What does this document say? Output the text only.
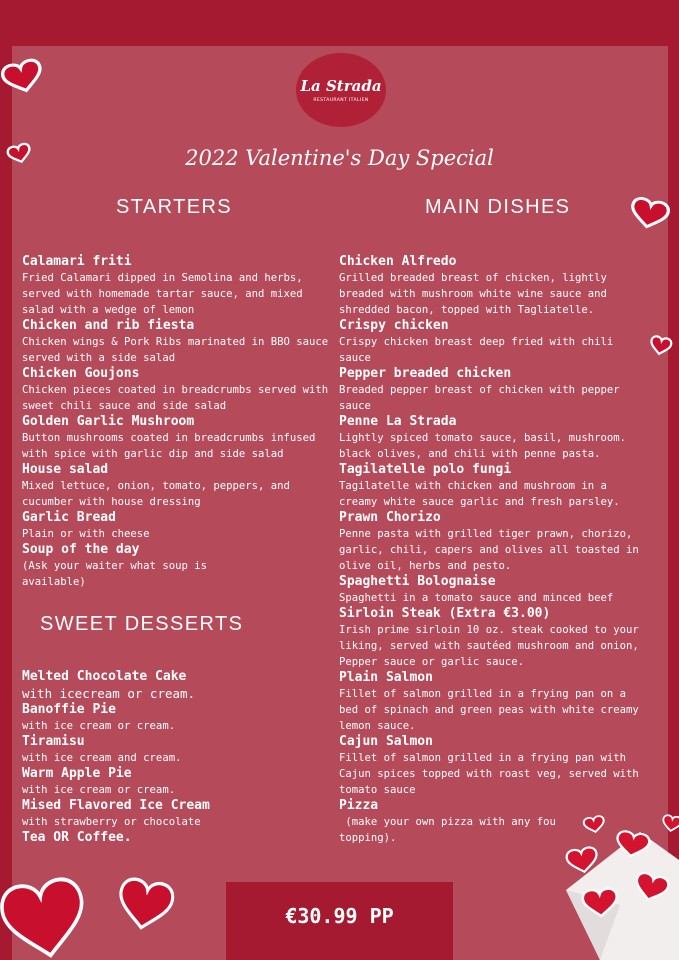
La Strada
RESTAURANT ITALIEN
2022 Valentine's Day Special
STARTERS	MAIN DISHES
SWEET DESSERTS
Calamari friti
Fried Calamari dipped in Semolina and herbs, served with homemade tartar sauce, and mixed salad with a wedge of lemon
Chicken and rib fiesta
Chicken wings & Pork Ribs marinated in BBO sauce served with a side salad
Chicken Goujons
Chicken pieces coated in breadcrumbs served with sweet chili sauce and side salad
Golden Garlic Mushroom
Button mushrooms coated in breadcrumbs infused with spice with garlic dip and side salad
House salad
Mixed lettuce, onion, tomato, peppers, and cucumber with house dressing
Garlic Bread
Plain or with cheese
Soup of the day
(Ask your waiter what soup is available)
Melted Chocolate Cake
with icecream or cream.
Banoffie Pie
with ice cream or cream.
Tiramisu
with ice cream and cream.
Warm Apple Pie
with ice cream or cream.
Mised Flavored Ice Cream
with strawberry or chocolate
Tea OR Coffee.
Chicken Alfredo
Grilled breaded breast of chicken, lightly breaded with mushroom white wine sauce and shredded bacon, topped with Tagliatelle.
Crispy chicken
Crispy chicken breast deep fried with chili sauce
Pepper breaded chicken
Breaded pepper breast of chicken with pepper sauce
Penne La Strada
Lightly spiced tomato sauce, basil, mushroom. black olives, and chili with penne pasta.
Tagilatelle polo fungi
Tagilatelle with chicken and mushroom in a creamy white sauce garlic and fresh parsley.
Prawn Chorizo
Penne pasta with grilled tiger prawn, chorizo, garlic, chili, capers and olives all toasted in olive oil, herbs and pesto.
Spaghetti Bolognaise
Spaghetti in a tomato sauce and minced beef
Sirloin Steak (Extra €3.00)
Irish prime sirloin 10 oz. steak cooked to your liking, served with sautéed mushroom and onion, Pepper sauce or garlic sauce.
Plain Salmon
Fillet of salmon grilled in a frying pan on a bed of spinach and green peas with white creamy lemon sauce.
Cajun Salmon
Fillet of salmon grilled in a frying pan with Cajun spices topped with roast veg, served with tomato sauce
Pizza
(make your own pizza with any fou topping).
€30.99 PP
